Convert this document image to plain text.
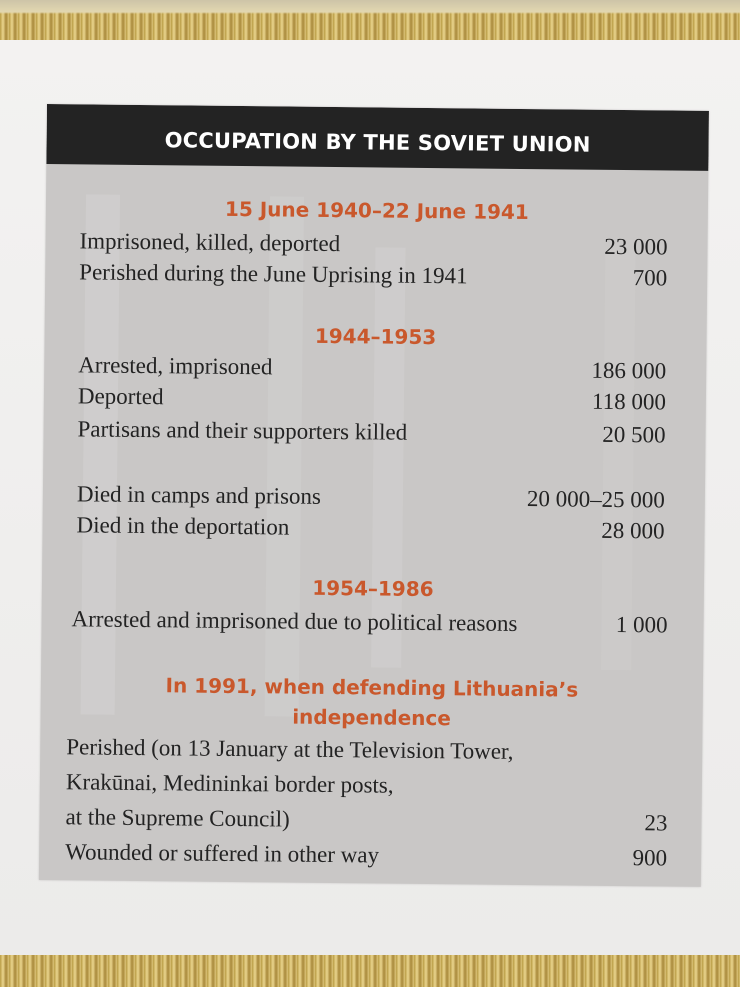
OCCUPATION BY THE SOVIET UNION
15 June 1940–22 June 1941
Imprisoned, killed, deported	23 000
Perished during the June Uprising in 1941	700
1944–1953
Arrested, imprisoned	186 000
Deported	118 000
Partisans and their supporters killed	20 500
Died in camps and prisons	20 000–25 000
Died in the deportation	28 000
1954–1986
Arrested and imprisoned due to political reasons	1 000
In 1991, when defending Lithuania’s
independence
Perished (on 13 January at the Television Tower,
Krakūnai, Medininkai border posts,
at the Supreme Council)	23
Wounded or suffered in other way	900
